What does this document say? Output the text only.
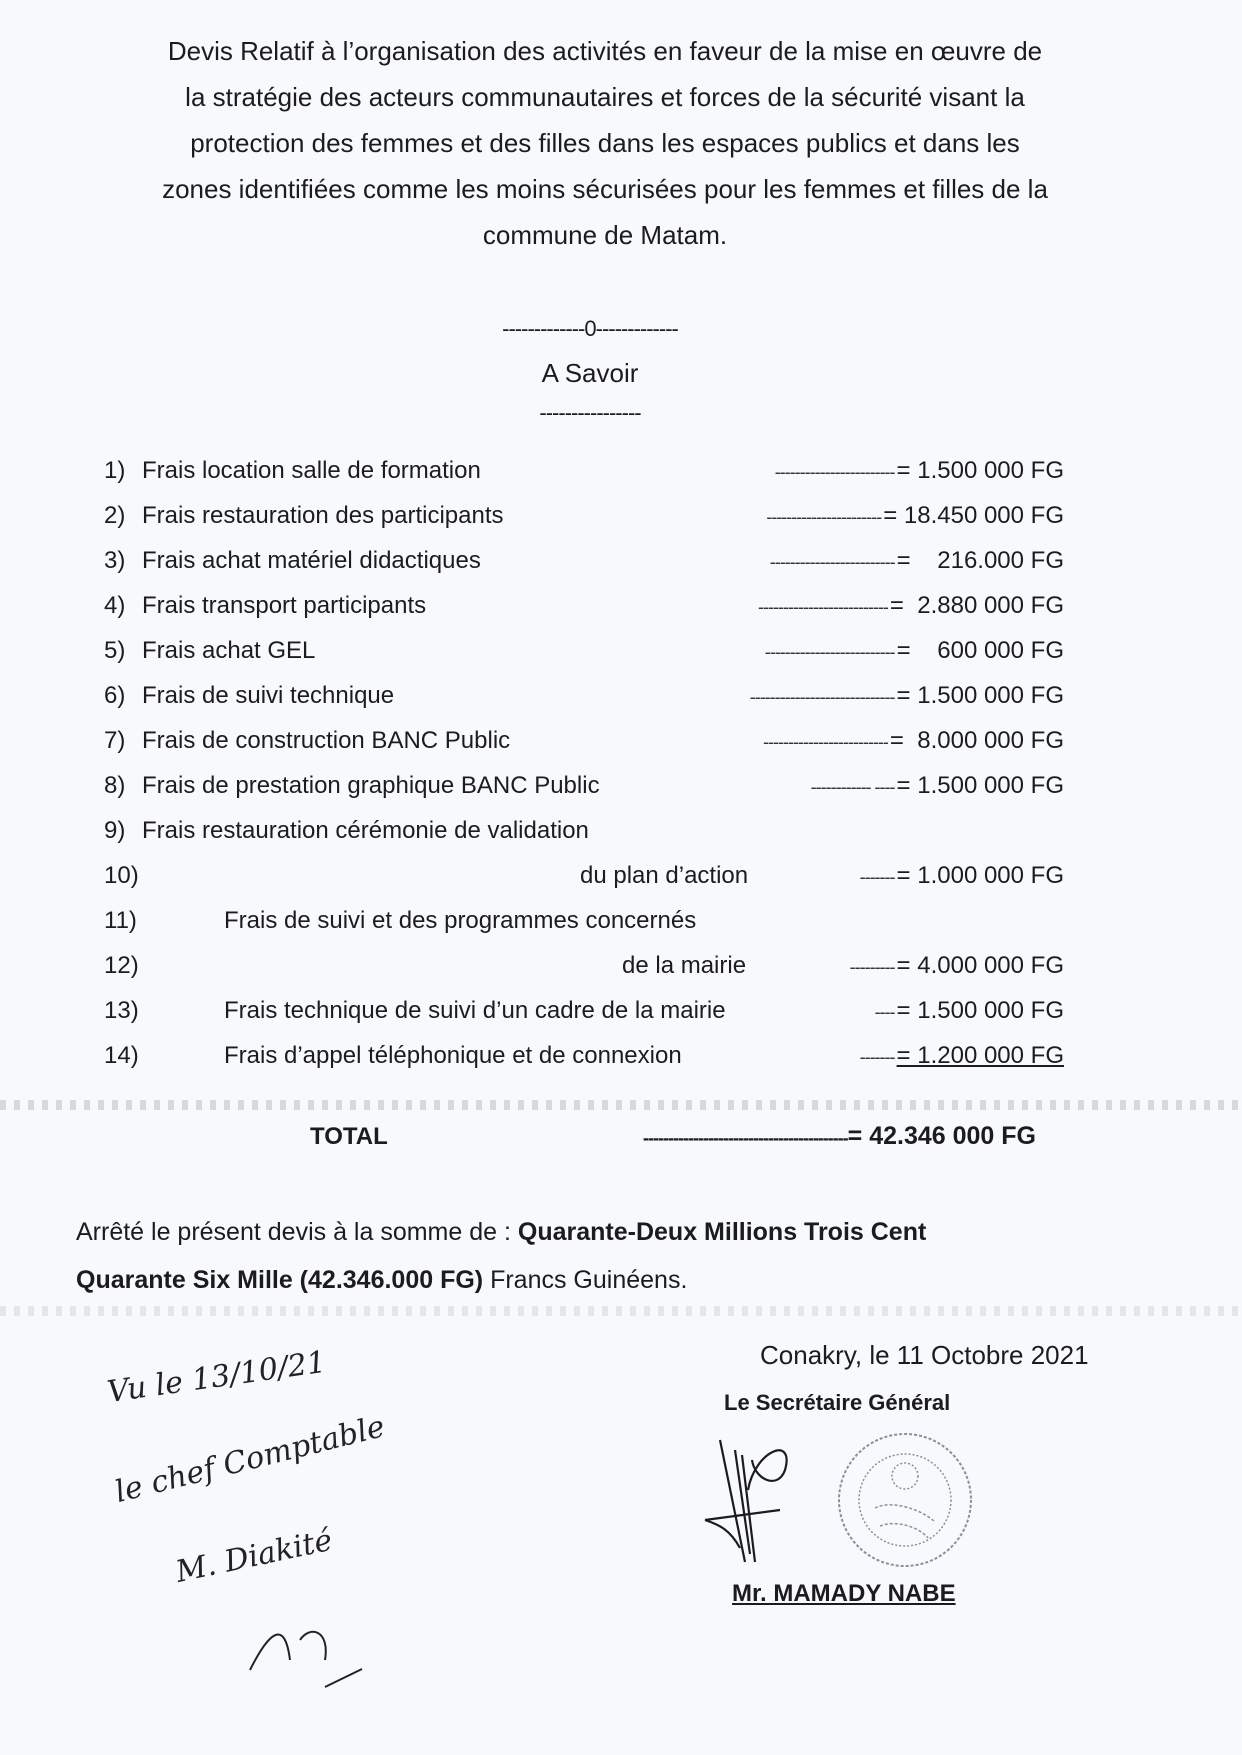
Devis Relatif à l’organisation des activités en faveur de la mise en œuvre de
la stratégie des acteurs communautaires et forces de la sécurité visant la
protection des femmes et des filles dans les espaces publics et dans les
zones identifiées comme les moins sécurisées pour les femmes et filles de la
commune de Matam.
-------------0-------------
A Savoir
----------------
1) Frais location salle de formation	------------------------ = 1.500 000 FG
2) Frais restauration des participants	----------------------- = 18.450 000 FG
3) Frais achat matériel didactiques	------------------------- =    216.000 FG
4) Frais transport participants	-------------------------- =  2.880 000 FG
5) Frais achat GEL	-------------------------- =    600 000 FG
6) Frais de suivi technique	----------------------------- = 1.500 000 FG
7) Frais de construction BANC Public	------------------------- =  8.000 000 FG
8) Frais de prestation graphique BANC Public	------------ ---- = 1.500 000 FG
9) Frais restauration cérémonie de validation
10)	du plan d’action	------- = 1.000 000 FG
11)	Frais de suivi et des programmes concernés
12)	de la mairie	--------- = 4.000 000 FG
13)	Frais technique de suivi d’un cadre de la mairie	---- = 1.500 000 FG
14)	Frais d’appel téléphonique et de connexion	------- = 1.200 000 FG
TOTAL	----------------------------------------- = 42.346 000 FG
Arrêté le présent devis à la somme de : Quarante-Deux Millions Trois Cent
Quarante Six Mille (42.346.000 FG) Francs Guinéens.
Conakry, le 11 Octobre 2021
Le Secrétaire Général
Mr. MAMADY NABE
Vu le 13/10/21
le chef Comptable
M. Diakité
